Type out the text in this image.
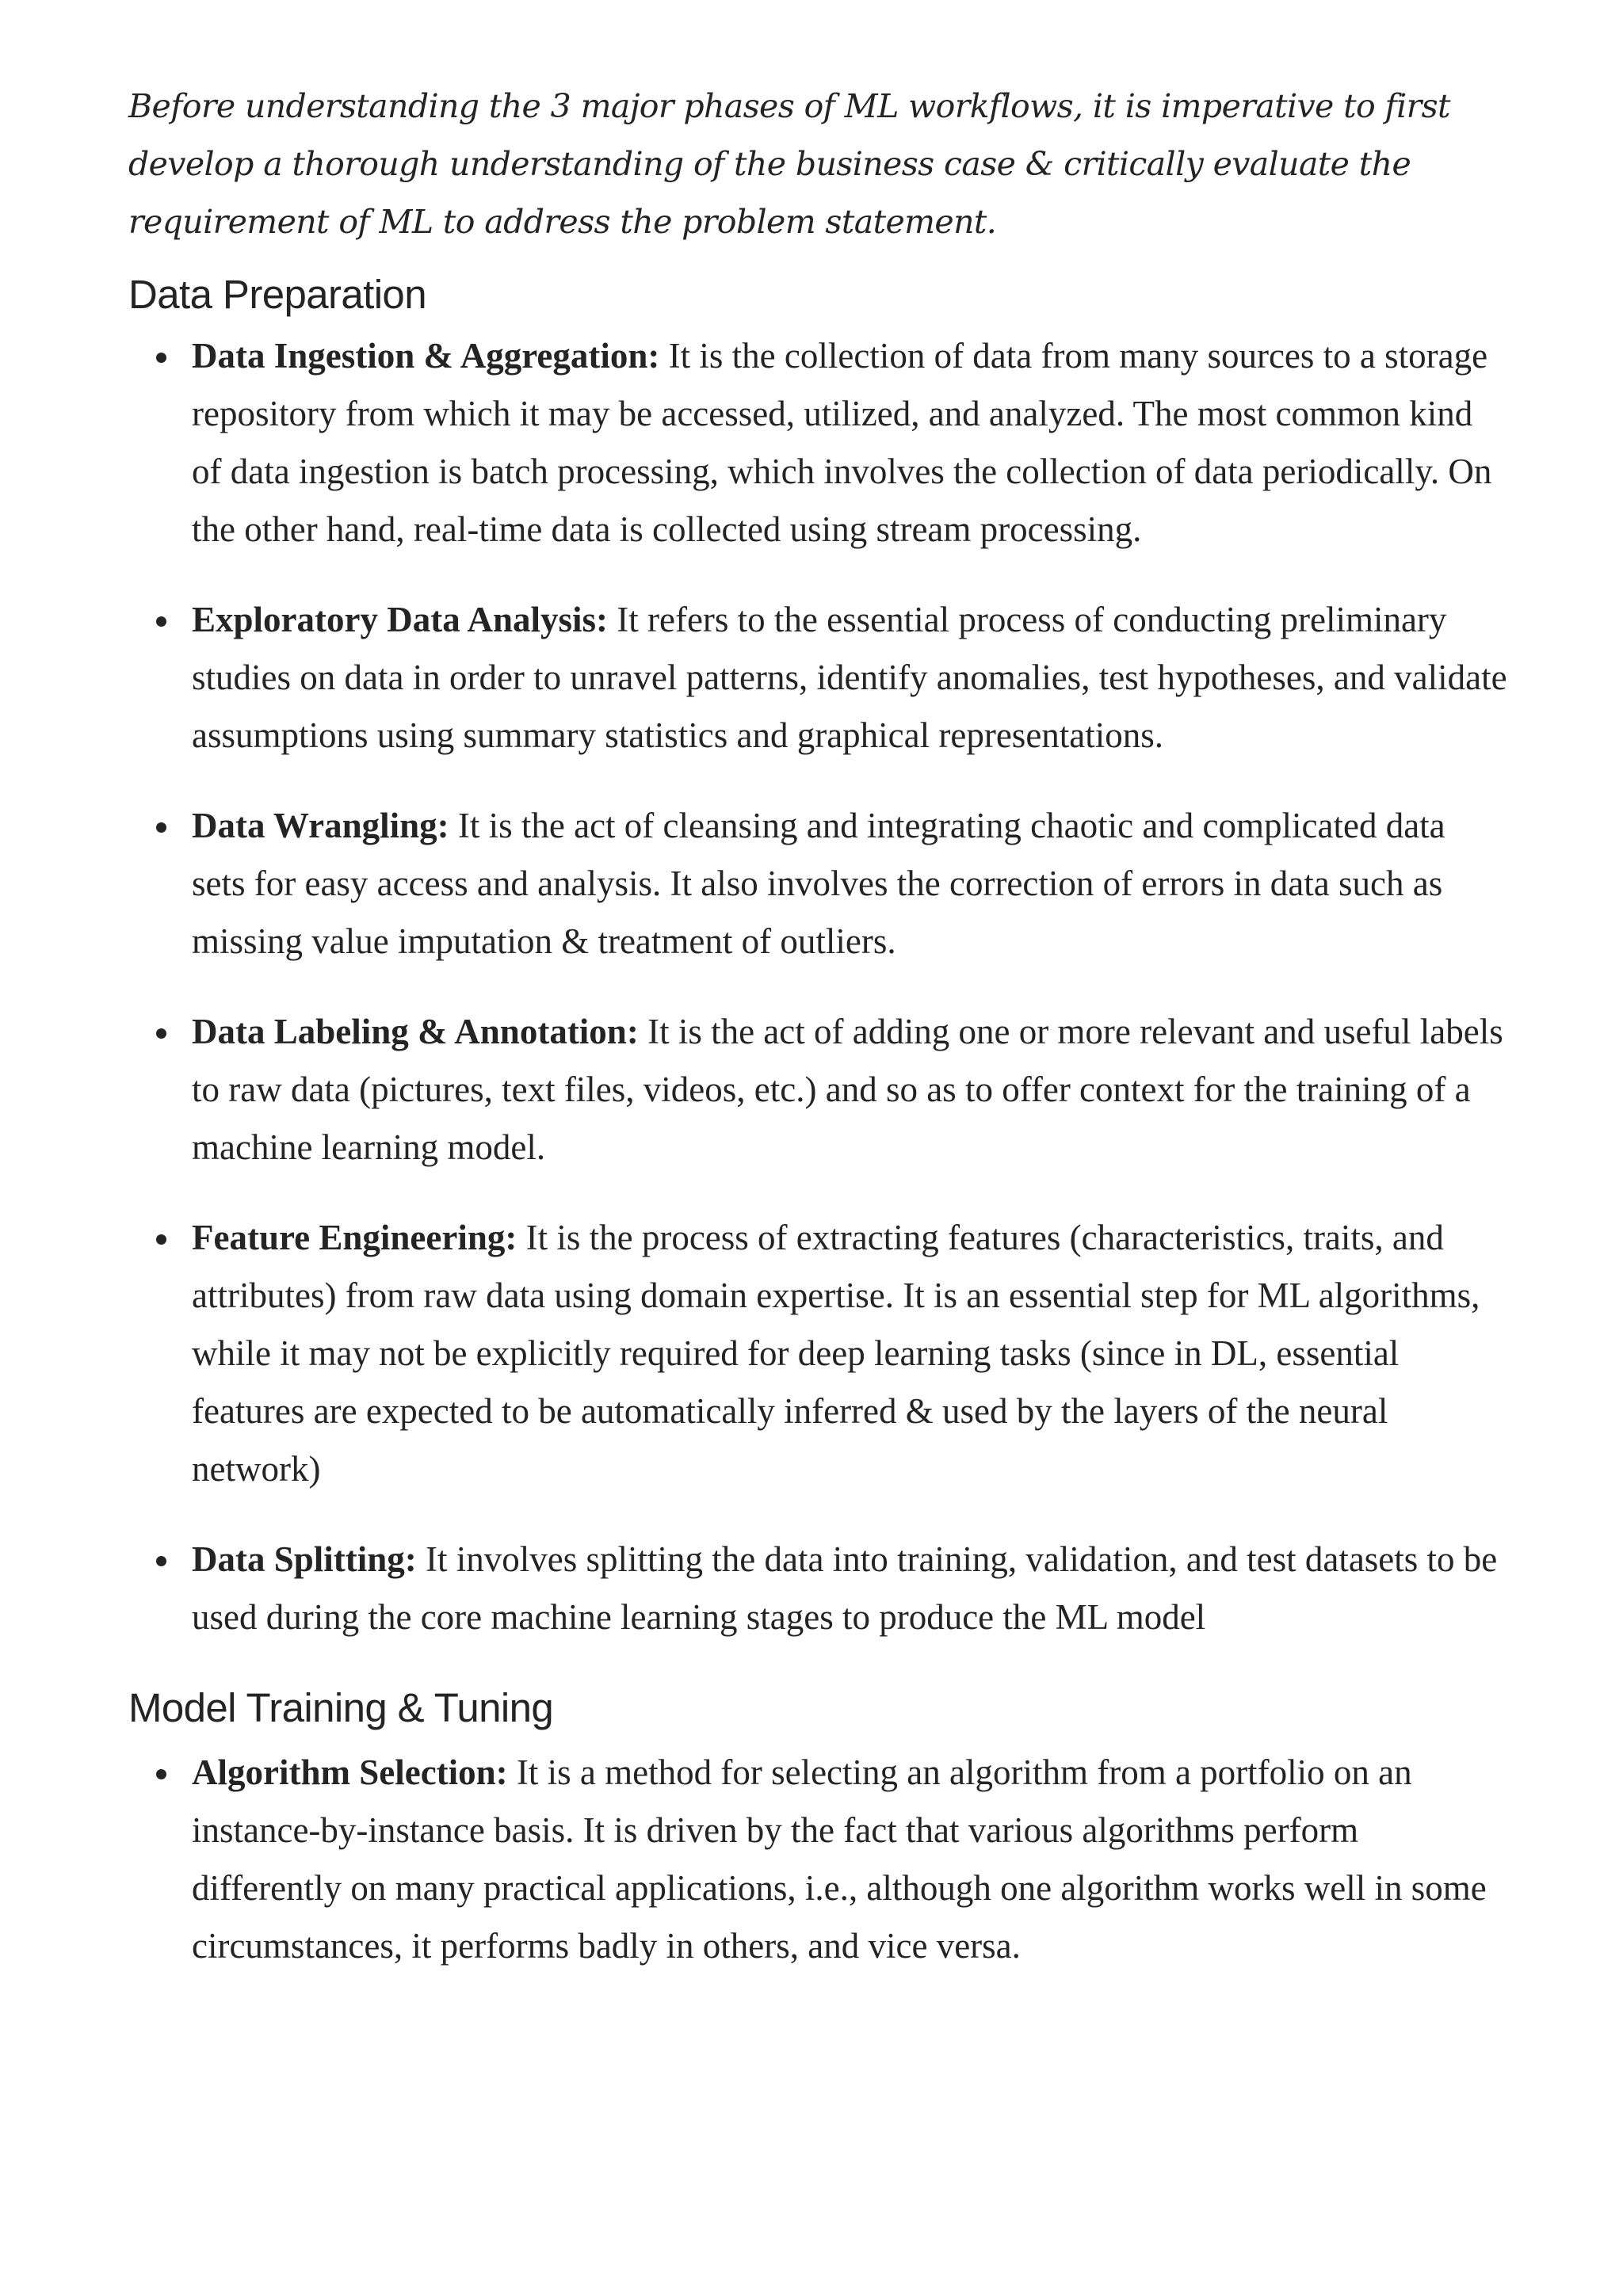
Before understanding the 3 major phases of ML workflows, it is imperative to first develop a thorough understanding of the business case & critically evaluate the requirement of ML to address the problem statement.

Data Preparation
Data Ingestion & Aggregation: It is the collection of data from many sources to a storage repository from which it may be accessed, utilized, and analyzed. The most common kind of data ingestion is batch processing, which involves the collection of data periodically. On the other hand, real-time data is collected using stream processing.
Exploratory Data Analysis: It refers to the essential process of conducting preliminary studies on data in order to unravel patterns, identify anomalies, test hypotheses, and validate assumptions using summary statistics and graphical representations.
Data Wrangling: It is the act of cleansing and integrating chaotic and complicated data sets for easy access and analysis. It also involves the correction of errors in data such as missing value imputation & treatment of outliers.
Data Labeling & Annotation: It is the act of adding one or more relevant and useful labels to raw data (pictures, text files, videos, etc.) and so as to offer context for the training of a machine learning model.
Feature Engineering: It is the process of extracting features (characteristics, traits, and attributes) from raw data using domain expertise. It is an essential step for ML algorithms, while it may not be explicitly required for deep learning tasks (since in DL, essential features are expected to be automatically inferred & used by the layers of the neural network)
Data Splitting: It involves splitting the data into training, validation, and test datasets to be used during the core machine learning stages to produce the ML model
Model Training & Tuning
Algorithm Selection: It is a method for selecting an algorithm from a portfolio on an instance-by-instance basis. It is driven by the fact that various algorithms perform differently on many practical applications, i.e., although one algorithm works well in some circumstances, it performs badly in others, and vice versa.
